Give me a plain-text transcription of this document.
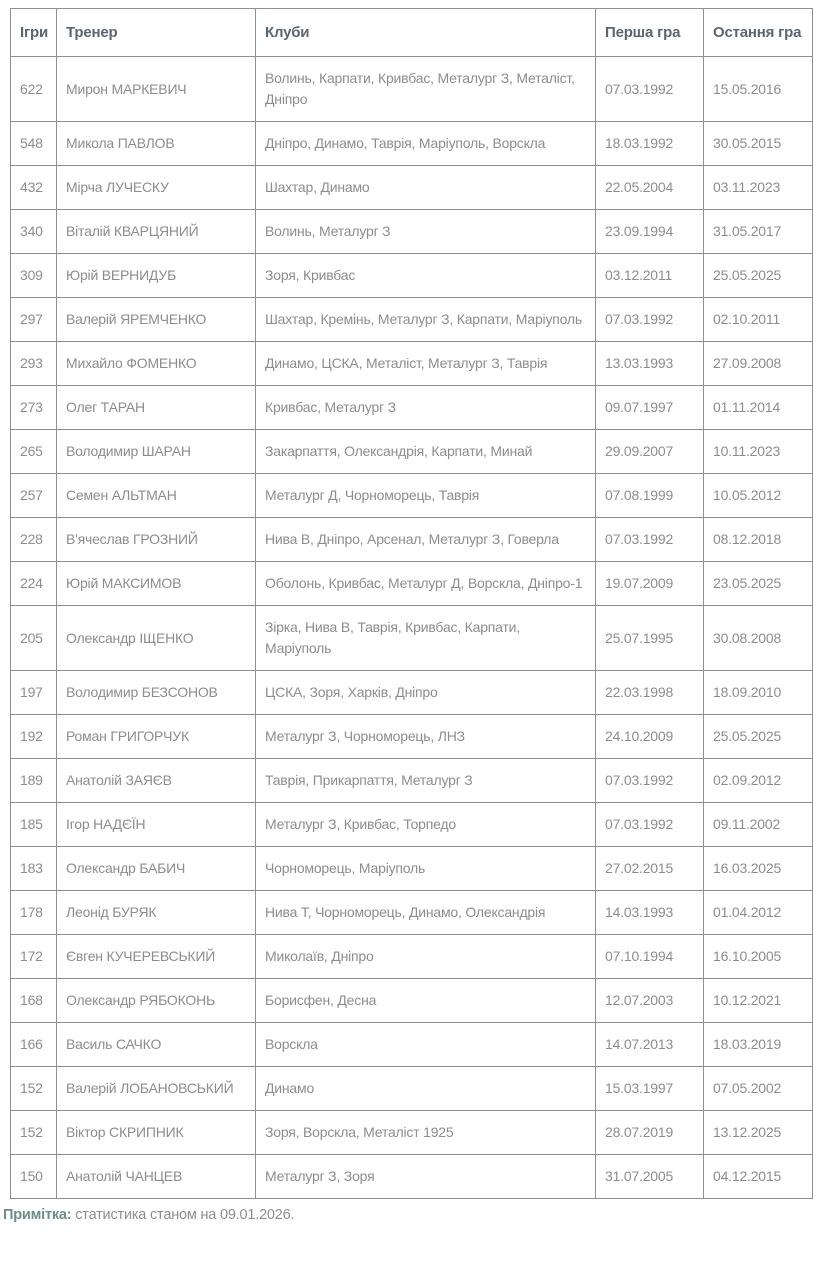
Ігри	Тренер	Клуби	Перша гра	Остання гра
622	Мирон МАРКЕВИЧ	Волинь, Карпати, Кривбас, Металург З, Металіст, Дніпро	07.03.1992	15.05.2016
548	Микола ПАВЛОВ	Дніпро, Динамо, Таврія, Маріуполь, Ворскла	18.03.1992	30.05.2015
432	Мірча ЛУЧЕСКУ	Шахтар, Динамо	22.05.2004	03.11.2023
340	Віталій КВАРЦЯНИЙ	Волинь, Металург З	23.09.1994	31.05.2017
309	Юрій ВЕРНИДУБ	Зоря, Кривбас	03.12.2011	25.05.2025
297	Валерій ЯРЕМЧЕНКО	Шахтар, Кремінь, Металург З, Карпати, Маріуполь	07.03.1992	02.10.2011
293	Михайло ФОМЕНКО	Динамо, ЦСКА, Металіст, Металург З, Таврія	13.03.1993	27.09.2008
273	Олег ТАРАН	Кривбас, Металург З	09.07.1997	01.11.2014
265	Володимир ШАРАН	Закарпаття, Олександрія, Карпати, Минай	29.09.2007	10.11.2023
257	Семен АЛЬТМАН	Металург Д, Чорноморець, Таврія	07.08.1999	10.05.2012
228	В'ячеслав ГРОЗНИЙ	Нива В, Дніпро, Арсенал, Металург З, Говерла	07.03.1992	08.12.2018
224	Юрій МАКСИМОВ	Оболонь, Кривбас, Металург Д, Ворскла, Дніпро-1	19.07.2009	23.05.2025
205	Олександр ІЩЕНКО	Зірка, Нива В, Таврія, Кривбас, Карпати, Маріуполь	25.07.1995	30.08.2008
197	Володимир БЕЗСОНОВ	ЦСКА, Зоря, Харків, Дніпро	22.03.1998	18.09.2010
192	Роман ГРИГОРЧУК	Металург З, Чорноморець, ЛНЗ	24.10.2009	25.05.2025
189	Анатолій ЗАЯЄВ	Таврія, Прикарпаття, Металург З	07.03.1992	02.09.2012
185	Ігор НАДЄЇН	Металург З, Кривбас, Торпедо	07.03.1992	09.11.2002
183	Олександр БАБИЧ	Чорноморець, Маріуполь	27.02.2015	16.03.2025
178	Леонід БУРЯК	Нива Т, Чорноморець, Динамо, Олександрія	14.03.1993	01.04.2012
172	Євген КУЧЕРЕВСЬКИЙ	Миколаїв, Дніпро	07.10.1994	16.10.2005
168	Олександр РЯБОКОНЬ	Борисфен, Десна	12.07.2003	10.12.2021
166	Василь САЧКО	Ворскла	14.07.2013	18.03.2019
152	Валерій ЛОБАНОВСЬКИЙ	Динамо	15.03.1997	07.05.2002
152	Віктор СКРИПНИК	Зоря, Ворскла, Металіст 1925	28.07.2019	13.12.2025
150	Анатолій ЧАНЦЕВ	Металург З, Зоря	31.07.2005	04.12.2015

Примітка: статистика станом на 09.01.2026.
